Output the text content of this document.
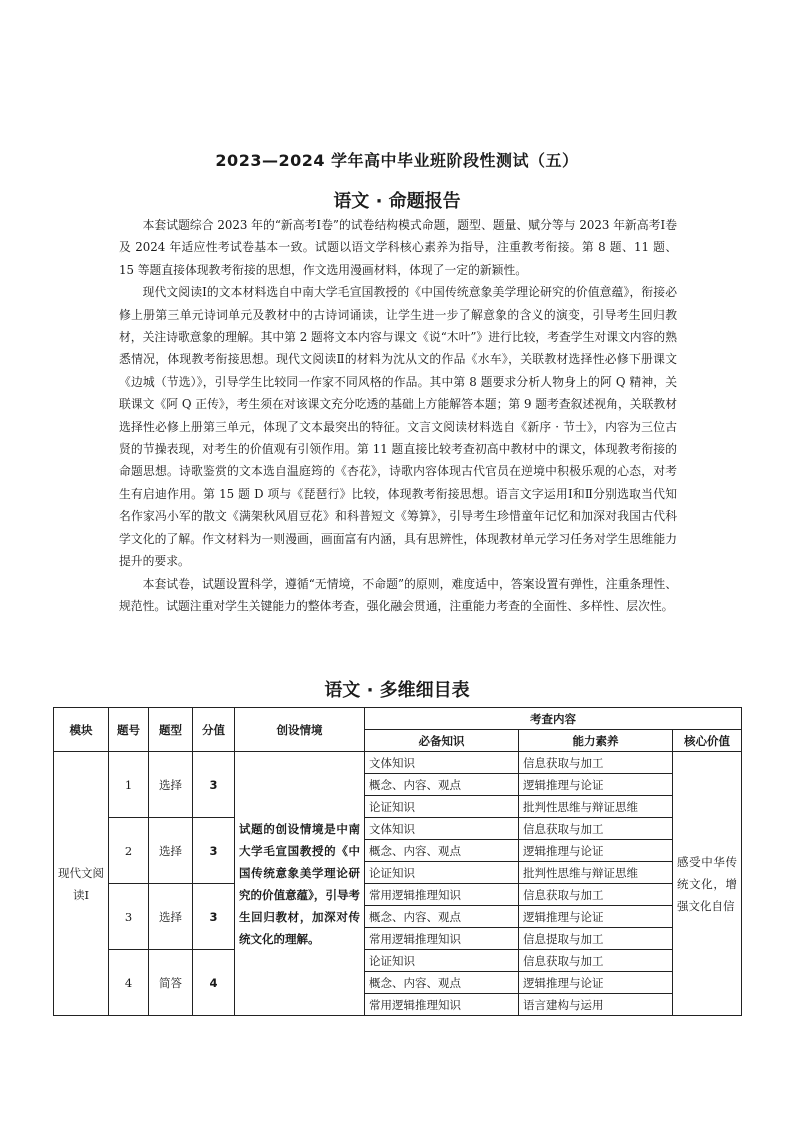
2023—2024 学年高中毕业班阶段性测试（五）
语文 · 命题报告

本套试题综合 2023 年的“新高考Ⅰ卷”的试卷结构模式命题，题型、题量、赋分等与 2023 年新高考Ⅰ卷及 2024 年适应性考试卷基本一致。试题以语文学科核心素养为指导，注重教考衔接。第 8 题、11 题、15 等题直接体现教考衔接的思想，作文选用漫画材料，体现了一定的新颖性。

现代文阅读Ⅰ的文本材料选自中南大学毛宣国教授的《中国传统意象美学理论研究的价值意蕴》，衔接必修上册第三单元诗词单元及教材中的古诗词诵读，让学生进一步了解意象的含义的演变，引导考生回归教材，关注诗歌意象的理解。其中第 2 题将文本内容与课文《说“木叶”》进行比较，考查学生对课文内容的熟悉情况，体现教考衔接思想。现代文阅读Ⅱ的材料为沈从文的作品《水车》，关联教材选择性必修下册课文《边城（节选）》，引导学生比较同一作家不同风格的作品。其中第 8 题要求分析人物身上的阿 Q 精神，关联课文《阿 Q 正传》，考生须在对该课文充分吃透的基础上方能解答本题；第 9 题考查叙述视角，关联教材选择性必修上册第三单元，体现了文本最突出的特征。文言文阅读材料选自《新序 · 节士》，内容为三位古贤的节操表现，对考生的价值观有引领作用。第 11 题直接比较考查初高中教材中的课文，体现教考衔接的命题思想。诗歌鉴赏的文本选自温庭筠的《杏花》，诗歌内容体现古代官员在逆境中积极乐观的心态，对考生有启迪作用。第 15 题 D 项与《琵琶行》比较，体现教考衔接思想。语言文字运用Ⅰ和Ⅱ分别选取当代知名作家冯小军的散文《满架秋风眉豆花》和科普短文《筹算》，引导考生珍惜童年记忆和加深对我国古代科学文化的了解。作文材料为一则漫画，画面富有内涵，具有思辨性，体现教材单元学习任务对学生思维能力提升的要求。

本套试卷，试题设置科学，遵循“无情境，不命题”的原则，难度适中，答案设置有弹性，注重条理性、规范性。试题注重对学生关键能力的整体考查，强化融会贯通，注重能力考查的全面性、多样性、层次性。

语文 · 多维细目表
模块	题号	题型	分值	创设情境	考查内容		
					必备知识	能力素养	核心价值
现代文阅读Ⅰ	1	选择	3	试题的创设情境是中南大学毛宣国教授的《中国传统意象美学理论研究的价值意蕴》，引导考生回归教材，加深对传统文化的理解。	文体知识	信息获取与加工	感受中华传统文化，增强文化自信
					概念、内容、观点	逻辑推理与论证	
					论证知识	批判性思维与辩证思维	
	2	选择	3		文体知识	信息获取与加工	
					概念、内容、观点	逻辑推理与论证	
					论证知识	批判性思维与辩证思维	
	3	选择	3		常用逻辑推理知识	信息获取与加工	
					概念、内容、观点	逻辑推理与论证	
					常用逻辑推理知识	信息提取与加工	
	4	简答	4		论证知识	信息获取与加工	
					概念、内容、观点	逻辑推理与论证	
					常用逻辑推理知识	语言建构与运用	
